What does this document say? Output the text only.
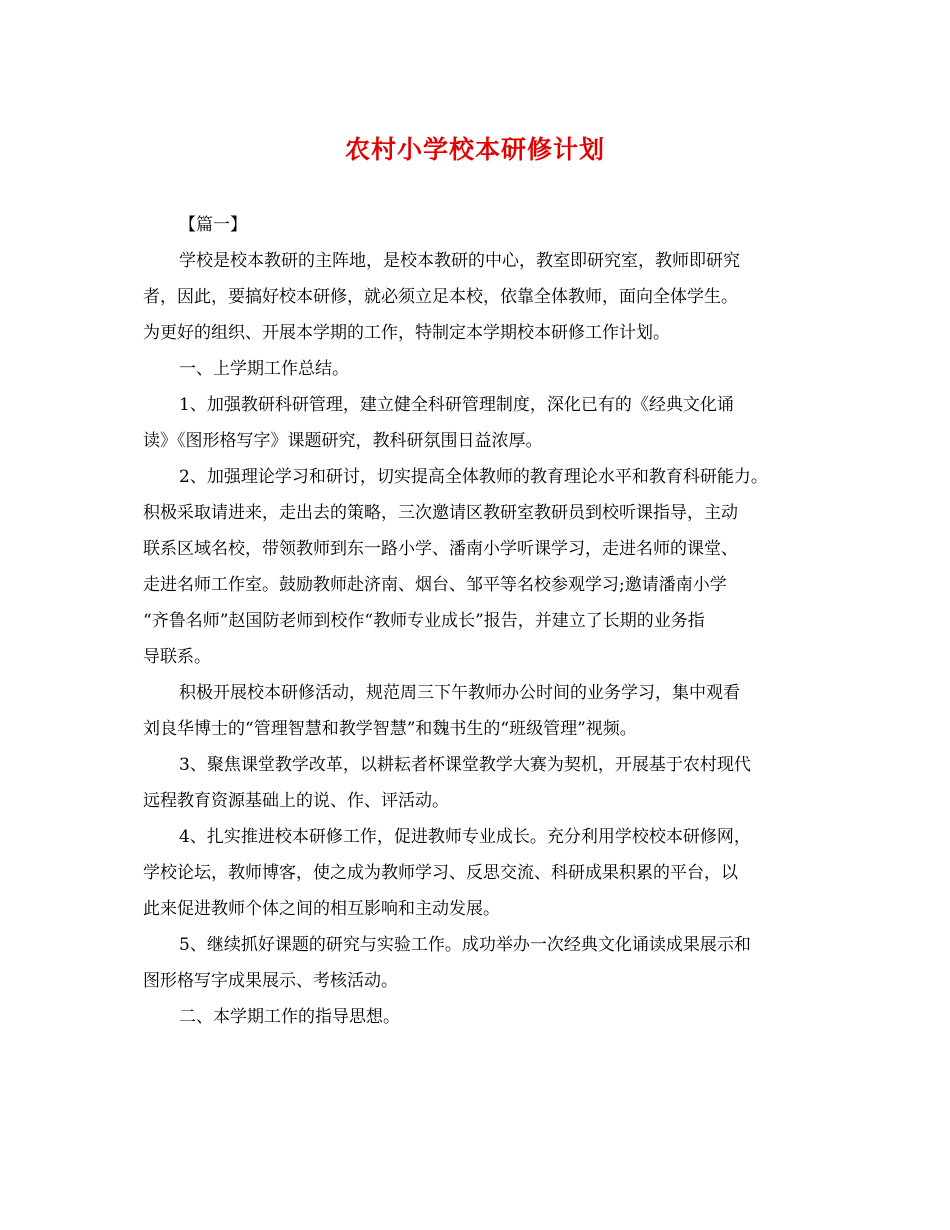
农村小学校本研修计划
【篇一】
学校是校本教研的主阵地，是校本教研的中心，教室即研究室，教师即研究
者，因此，要搞好校本研修，就必须立足本校，依靠全体教师，面向全体学生。
为更好的组织、开展本学期的工作，特制定本学期校本研修工作计划。
一、上学期工作总结。
1、加强教研科研管理，建立健全科研管理制度，深化已有的《经典文化诵
读》《图形格写字》课题研究，教科研氛围日益浓厚。
2、加强理论学习和研讨，切实提高全体教师的教育理论水平和教育科研能力。
积极采取请进来，走出去的策略，三次邀请区教研室教研员到校听课指导，主动
联系区域名校，带领教师到东一路小学、潘南小学听课学习，走进名师的课堂、
走进名师工作室。鼓励教师赴济南、烟台、邹平等名校参观学习;邀请潘南小学
“齐鲁名师”赵国防老师到校作“教师专业成长”报告，并建立了长期的业务指
导联系。
积极开展校本研修活动，规范周三下午教师办公时间的业务学习，集中观看
刘良华博士的“管理智慧和教学智慧”和魏书生的“班级管理”视频。
3、聚焦课堂教学改革，以耕耘者杯课堂教学大赛为契机，开展基于农村现代
远程教育资源基础上的说、作、评活动。
4、扎实推进校本研修工作，促进教师专业成长。充分利用学校校本研修网，
学校论坛，教师博客，使之成为教师学习、反思交流、科研成果积累的平台，以
此来促进教师个体之间的相互影响和主动发展。
5、继续抓好课题的研究与实验工作。成功举办一次经典文化诵读成果展示和
图形格写字成果展示、考核活动。
二、本学期工作的指导思想。
